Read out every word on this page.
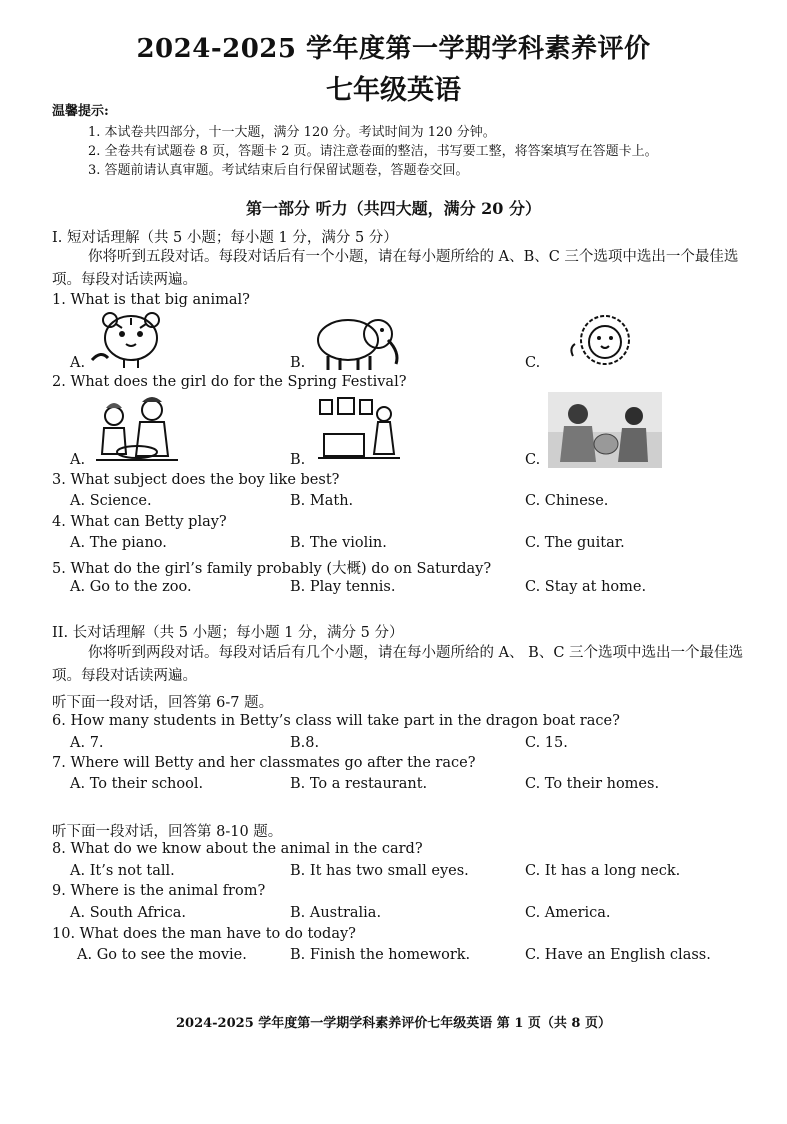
2024-2025 学年度第一学期学科素养评价
七年级英语
温馨提示:
1. 本试卷共四部分，十一大题，满分 120 分。考试时间为 120 分钟。
2. 全卷共有试题卷 8 页，答题卡 2 页。请注意卷面的整洁，书写要工整，将答案填写在答题卡上。
3. 答题前请认真审题。考试结束后自行保留试题卷，答题卷交回。
第一部分 听力（共四大题，满分 20 分）
I. 短对话理解（共 5 小题；每小题 1 分，满分 5 分）
你将听到五段对话。每段对话后有一个小题，请在每小题所给的 A、B、C 三个选项中选出一个最佳选项。每段对话读两遍。
1. What is that big animal?
A.	B.	C.
2. What does the girl do for the Spring Festival?
A.	B.	C.
3. What subject does the boy like best?
A. Science.	B. Math.	C. Chinese.
4. What can Betty play?
A. The piano.	B. The violin.	C. The guitar.
5. What do the girl’s family probably (大概) do on Saturday?
A. Go to the zoo.	B. Play tennis.	C. Stay at home.
II. 长对话理解（共 5 小题；每小题 1 分，满分 5 分）
你将听到两段对话。每段对话后有几个小题，请在每小题所给的 A、 B、C 三个选项中选出一个最佳选项。每段对话读两遍。
听下面一段对话，回答第 6-7 题。
6. How many students in Betty’s class will take part in the dragon boat race?
A. 7.	B.8.	C. 15.
7. Where will Betty and her classmates go after the race?
A. To their school.	B. To a restaurant.	C. To their homes.
听下面一段对话，回答第 8-10 题。
8. What do we know about the animal in the card?
A. It’s not tall.	B. It has two small eyes.	C. It has a long neck.
9. Where is the animal from?
A. South Africa.	B. Australia.	C. America.
10. What does the man have to do today?
A. Go to see the movie.	B. Finish the homework.	C. Have an English class.
2024-2025 学年度第一学期学科素养评价七年级英语 第 1 页（共 8 页）
